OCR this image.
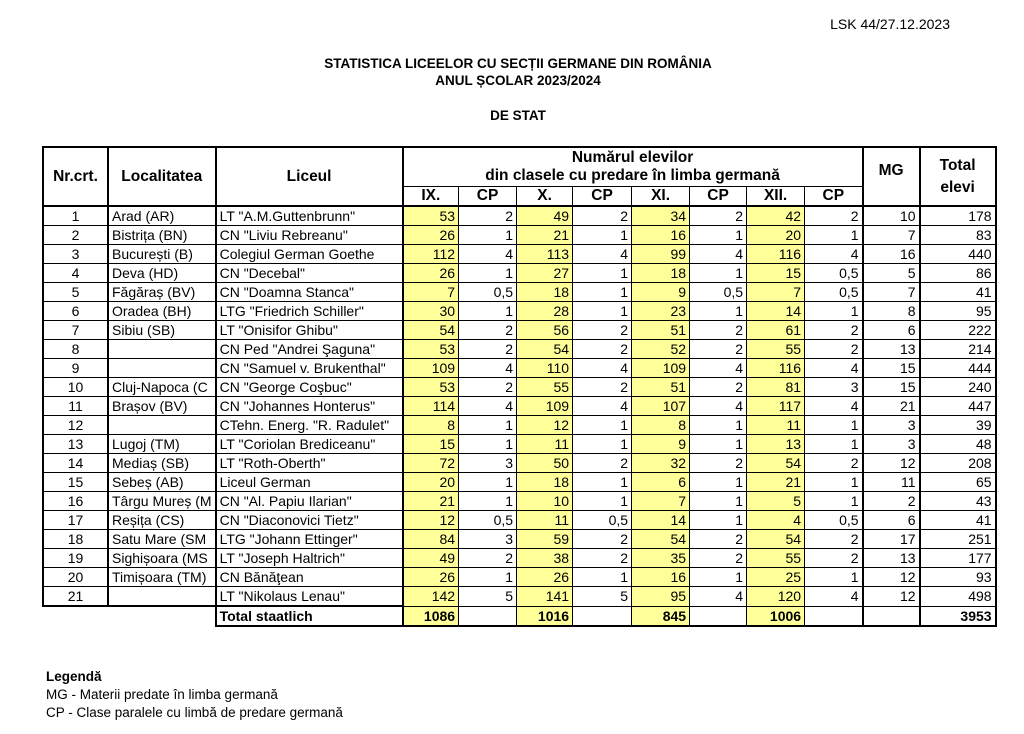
LSK 44/27.12.2023
STATISTICA LICEELOR CU SECȚII GERMANE DIN ROMÂNIA
ANUL ȘCOLAR 2023/2024
DE STAT
Nr.crt.	Localitatea	Liceul	
Numărul elevilor
din clasele cu predare în limba germană	MG	Total
elevi

			IX.	CP	X.	CP	XI.	CP	XII.	CP		
1	Arad (AR)	LT "A.M.Guttenbrunn"	53	2	49	2	34	2	42	2	10	178
2	Bistrița (BN)	CN "Liviu Rebreanu"	26	1	21	1	16	1	20	1	7	83
3	București (B)	Colegiul German Goethe	112	4	113	4	99	4	116	4	16	440
4	Deva (HD)	CN "Decebal"	26	1	27	1	18	1	15	0,5	5	86
5	Făgăraș (BV)	CN "Doamna Stanca"	7	0,5	18	1	9	0,5	7	0,5	7	41
6	Oradea (BH)	LTG "Friedrich Schiller"	30	1	28	1	23	1	14	1	8	95
7	Sibiu (SB)	LT "Onisifor Ghibu"	54	2	56	2	51	2	61	2	6	222
8		CN Ped "Andrei Şaguna"	53	2	54	2	52	2	55	2	13	214
9		CN "Samuel v. Brukenthal"	109	4	110	4	109	4	116	4	15	444
10	Cluj-Napoca (C	CN "George Coşbuc"	53	2	55	2	51	2	81	3	15	240
11	Brașov (BV)	CN "Johannes Honterus"	114	4	109	4	107	4	117	4	21	447
12		CTehn. Energ. "R. Radulet"	8	1	12	1	8	1	11	1	3	39
13	Lugoj (TM)	LT "Coriolan Brediceanu"	15	1	11	1	9	1	13	1	3	48
14	Mediaș (SB)	LT "Roth-Oberth"	72	3	50	2	32	2	54	2	12	208
15	Sebeș (AB)	Liceul German	20	1	18	1	6	1	21	1	11	65
16	Târgu Mureș (M	CN "Al. Papiu Ilarian"	21	1	10	1	7	1	5	1	2	43
17	Reșița (CS)	CN "Diaconovici Tietz"	12	0,5	11	0,5	14	1	4	0,5	6	41
18	Satu Mare (SM	LTG "Johann Ettinger"	84	3	59	2	54	2	54	2	17	251
19	Sighișoara (MS	LT "Joseph Haltrich"	49	2	38	2	35	2	55	2	13	177
20	Timișoara (TM)	CN Bănăţean	26	1	26	1	16	1	25	1	12	93
21		LT "Nikolaus Lenau"	142	5	141	5	95	4	120	4	12	498
		Total staatlich	1086		1016		845		1006			3953
Legendă
MG - Materii predate în limba germană
CP - Clase paralele cu limbă de predare germană
